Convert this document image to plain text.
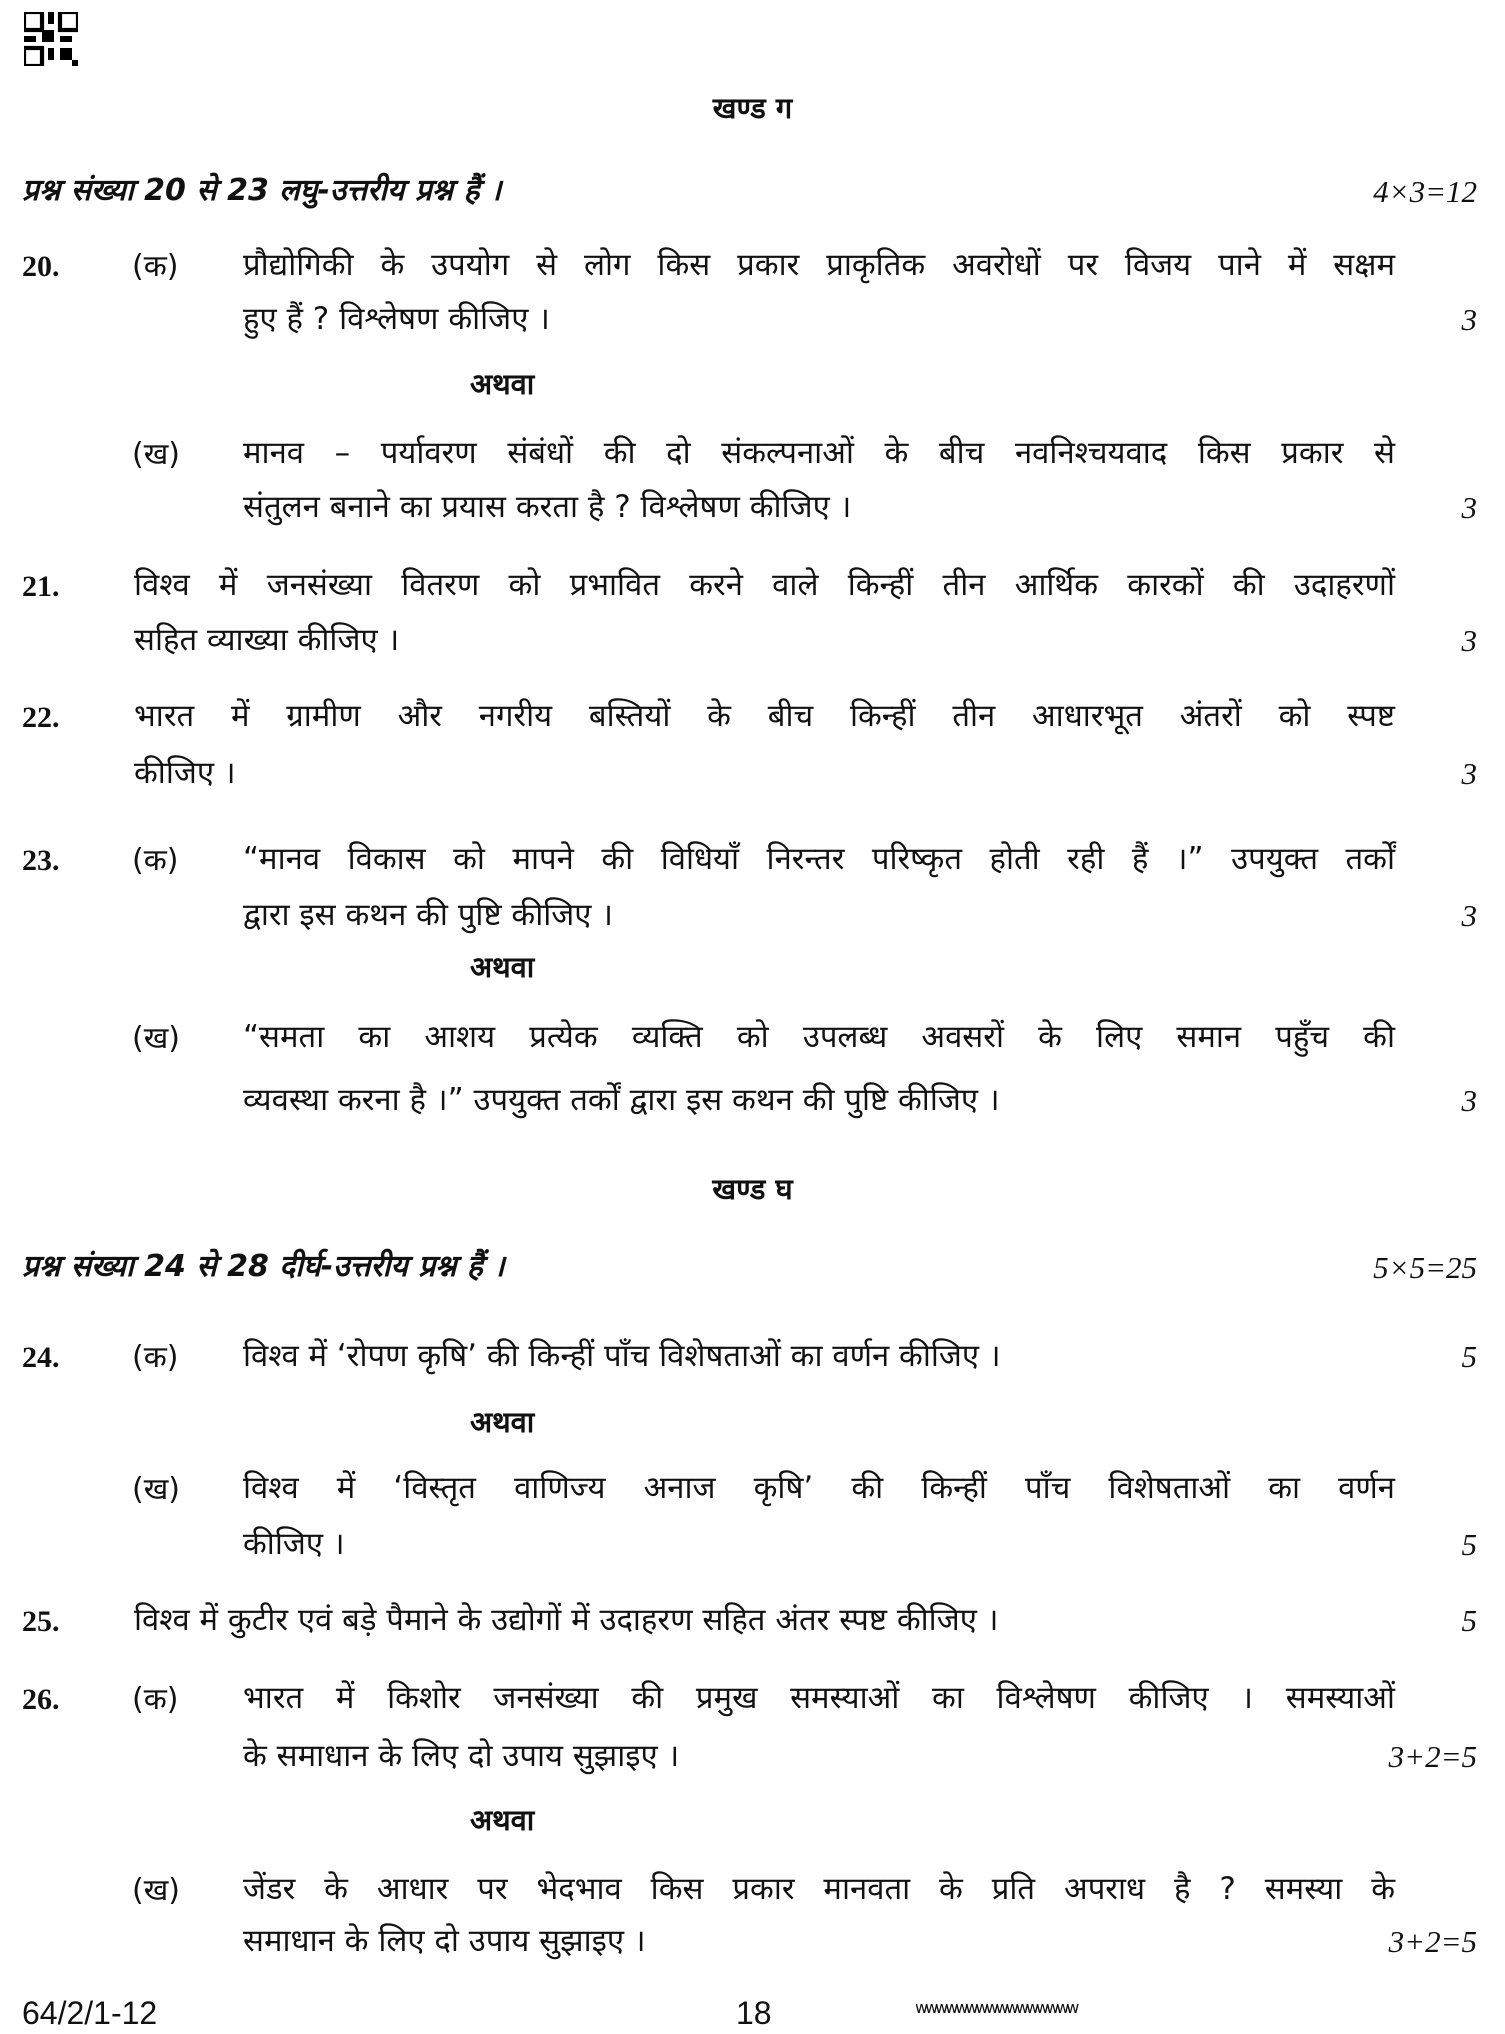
खण्ड ग
प्रश्न संख्या 20 से 23 लघु-उत्तरीय प्रश्न हैं ।	4×3=12
20. (क) प्रौद्योगिकी के उपयोग से लोग किस प्रकार प्राकृतिक अवरोधों पर विजय पाने में सक्षम
हुए हैं ? विश्लेषण कीजिए ।	3
अथवा
(ख) मानव – पर्यावरण संबंधों की दो संकल्पनाओं के बीच नवनिश्चयवाद किस प्रकार से
संतुलन बनाने का प्रयास करता है ? विश्लेषण कीजिए ।	3
21. विश्व में जनसंख्या वितरण को प्रभावित करने वाले किन्हीं तीन आर्थिक कारकों की उदाहरणों
सहित व्याख्या कीजिए ।	3
22. भारत में ग्रामीण और नगरीय बस्तियों के बीच किन्हीं तीन आधारभूत अंतरों को स्पष्ट
कीजिए ।	3
23. (क) “मानव विकास को मापने की विधियाँ निरन्तर परिष्कृत होती रही हैं ।” उपयुक्त तर्कों
द्वारा इस कथन की पुष्टि कीजिए ।	3
अथवा
(ख) “समता का आशय प्रत्येक व्यक्ति को उपलब्ध अवसरों के लिए समान पहुँच की
व्यवस्था करना है ।” उपयुक्त तर्कों द्वारा इस कथन की पुष्टि कीजिए ।	3
खण्ड घ
प्रश्न संख्या 24 से 28 दीर्घ-उत्तरीय प्रश्न हैं ।	5×5=25
24. (क) विश्व में ‘रोपण कृषि’ की किन्हीं पाँच विशेषताओं का वर्णन कीजिए ।	5
अथवा
(ख) विश्व में ‘विस्तृत वाणिज्य अनाज कृषि’ की किन्हीं पाँच विशेषताओं का वर्णन
कीजिए ।	5
25. विश्व में कुटीर एवं बड़े पैमाने के उद्योगों में उदाहरण सहित अंतर स्पष्ट कीजिए ।	5
26. (क) भारत में किशोर जनसंख्या की प्रमुख समस्याओं का विश्लेषण कीजिए । समस्याओं
के समाधान के लिए दो उपाय सुझाइए ।	3+2=5
अथवा
(ख) जेंडर के आधार पर भेदभाव किस प्रकार मानवता के प्रति अपराध है ? समस्या के
समाधान के लिए दो उपाय सुझाइए ।	3+2=5
64/2/1-12	18	wwwwwwwwwwwwwwww
